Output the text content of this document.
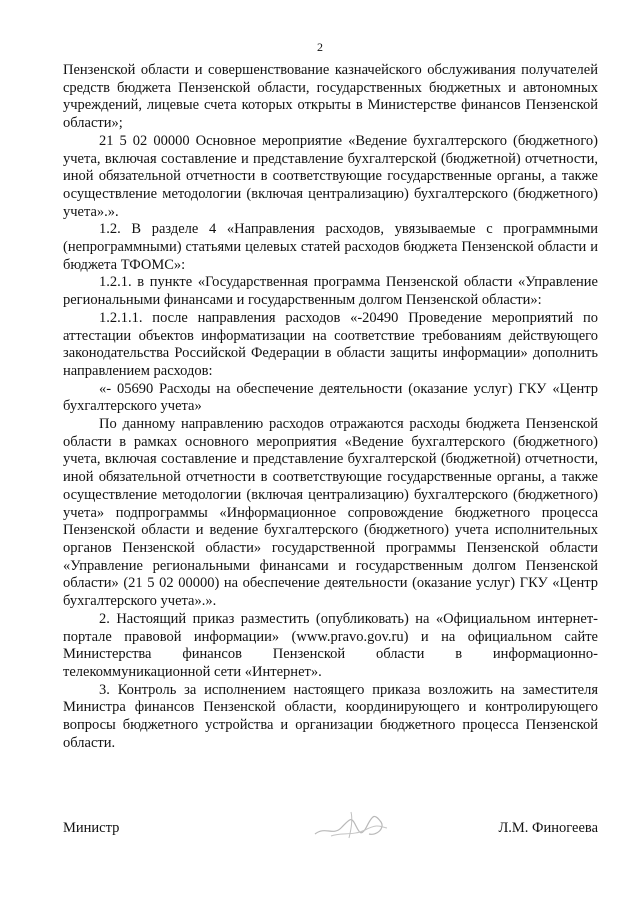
2

Пензенской области и совершенствование казначейского обслуживания получателей средств бюджета Пензенской области, государственных бюджетных и автономных учреждений, лицевые счета которых открыты в Министерстве финансов Пензенской области»;

21 5 02 00000 Основное мероприятие «Ведение бухгалтерского (бюджетного) учета, включая составление и представление бухгалтерской (бюджетной) отчетности, иной обязательной отчетности в соответствующие государственные органы, а также осуществление методологии (включая централизацию) бухгалтерского (бюджетного) учета».».

1.2. В разделе 4 «Направления расходов, увязываемые с программными (непрограммными) статьями целевых статей расходов бюджета Пензенской области и бюджета ТФОМС»:

1.2.1. в пункте «Государственная программа Пензенской области «Управление региональными финансами и государственным долгом Пензенской области»:

1.2.1.1. после направления расходов «-20490 Проведение мероприятий по аттестации объектов информатизации на соответствие требованиям действующего законодательства Российской Федерации в области защиты информации» дополнить направлением расходов:

«- 05690 Расходы на обеспечение деятельности (оказание услуг) ГКУ «Центр бухгалтерского учета»

По данному направлению расходов отражаются расходы бюджета Пензенской области в рамках основного мероприятия «Ведение бухгалтерского (бюджетного) учета, включая составление и представление бухгалтерской (бюджетной) отчетности, иной обязательной отчетности в соответствующие государственные органы, а также осуществление методологии (включая централизацию) бухгалтерского (бюджетного) учета» подпрограммы «Информационное сопровождение бюджетного процесса Пензенской области и ведение бухгалтерского (бюджетного) учета исполнительных органов Пензенской области» государственной программы Пензенской области «Управление региональными финансами и государственным долгом Пензенской области» (21 5 02 00000) на обеспечение деятельности (оказание услуг) ГКУ «Центр бухгалтерского учета».».

2. Настоящий приказ разместить (опубликовать) на «Официальном интернет-портале правовой информации» (www.pravo.gov.ru) и на официальном сайте Министерства финансов Пензенской области в информационно-телекоммуникационной сети «Интернет».

3. Контроль за исполнением настоящего приказа возложить на заместителя Министра финансов Пензенской области, координирующего и контролирующего вопросы бюджетного устройства и организации бюджетного процесса Пензенской области.

Министр	Л.М. Финогеева
